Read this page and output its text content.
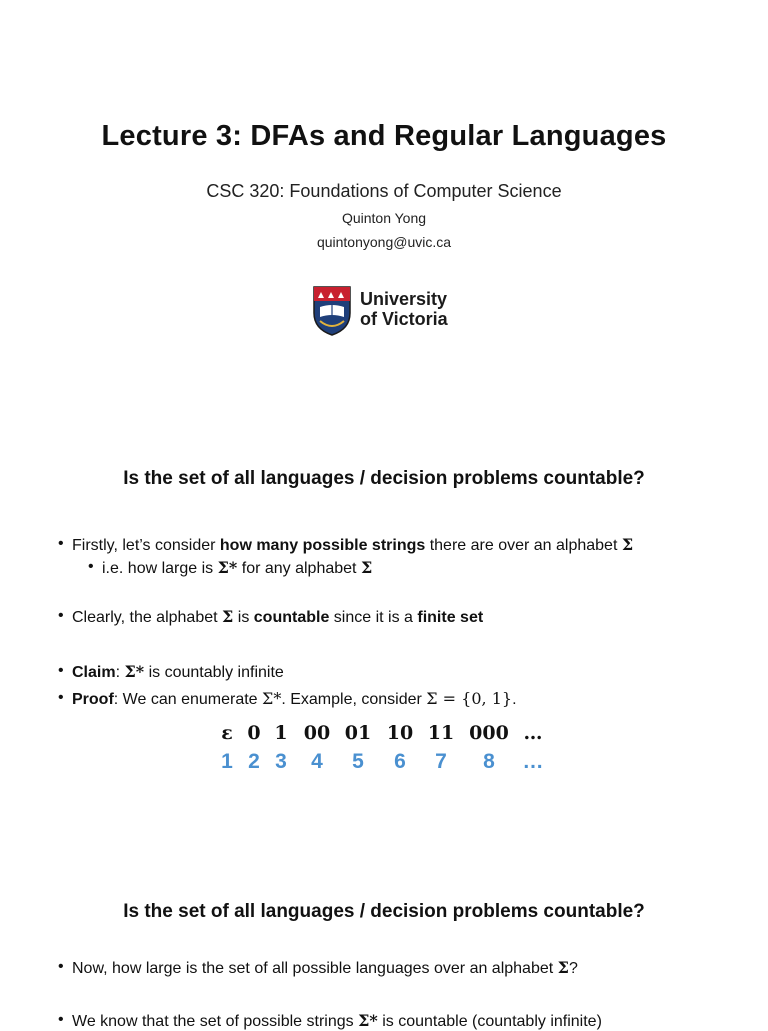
Lecture 3: DFAs and Regular Languages
CSC 320: Foundations of Computer Science
Quinton Yong
quintonyong@uvic.ca
University
of Victoria
Is the set of all languages / decision problems countable?
• Firstly, let’s consider how many possible strings there are over an alphabet Σ
• i.e. how large is Σ* for any alphabet Σ
• Clearly, the alphabet Σ is countable since it is a finite set
• Claim: Σ* is countably infinite
• Proof: We can enumerate Σ*. Example, consider Σ = {0, 1}.
ε 0 1 00 01 10 11 000 …
1 2 3	4	5	6	7	8	…
Is the set of all languages / decision problems countable?
• Now, how large is the set of all possible languages over an alphabet Σ?
• We know that the set of possible strings Σ* is countable (countably infinite)
